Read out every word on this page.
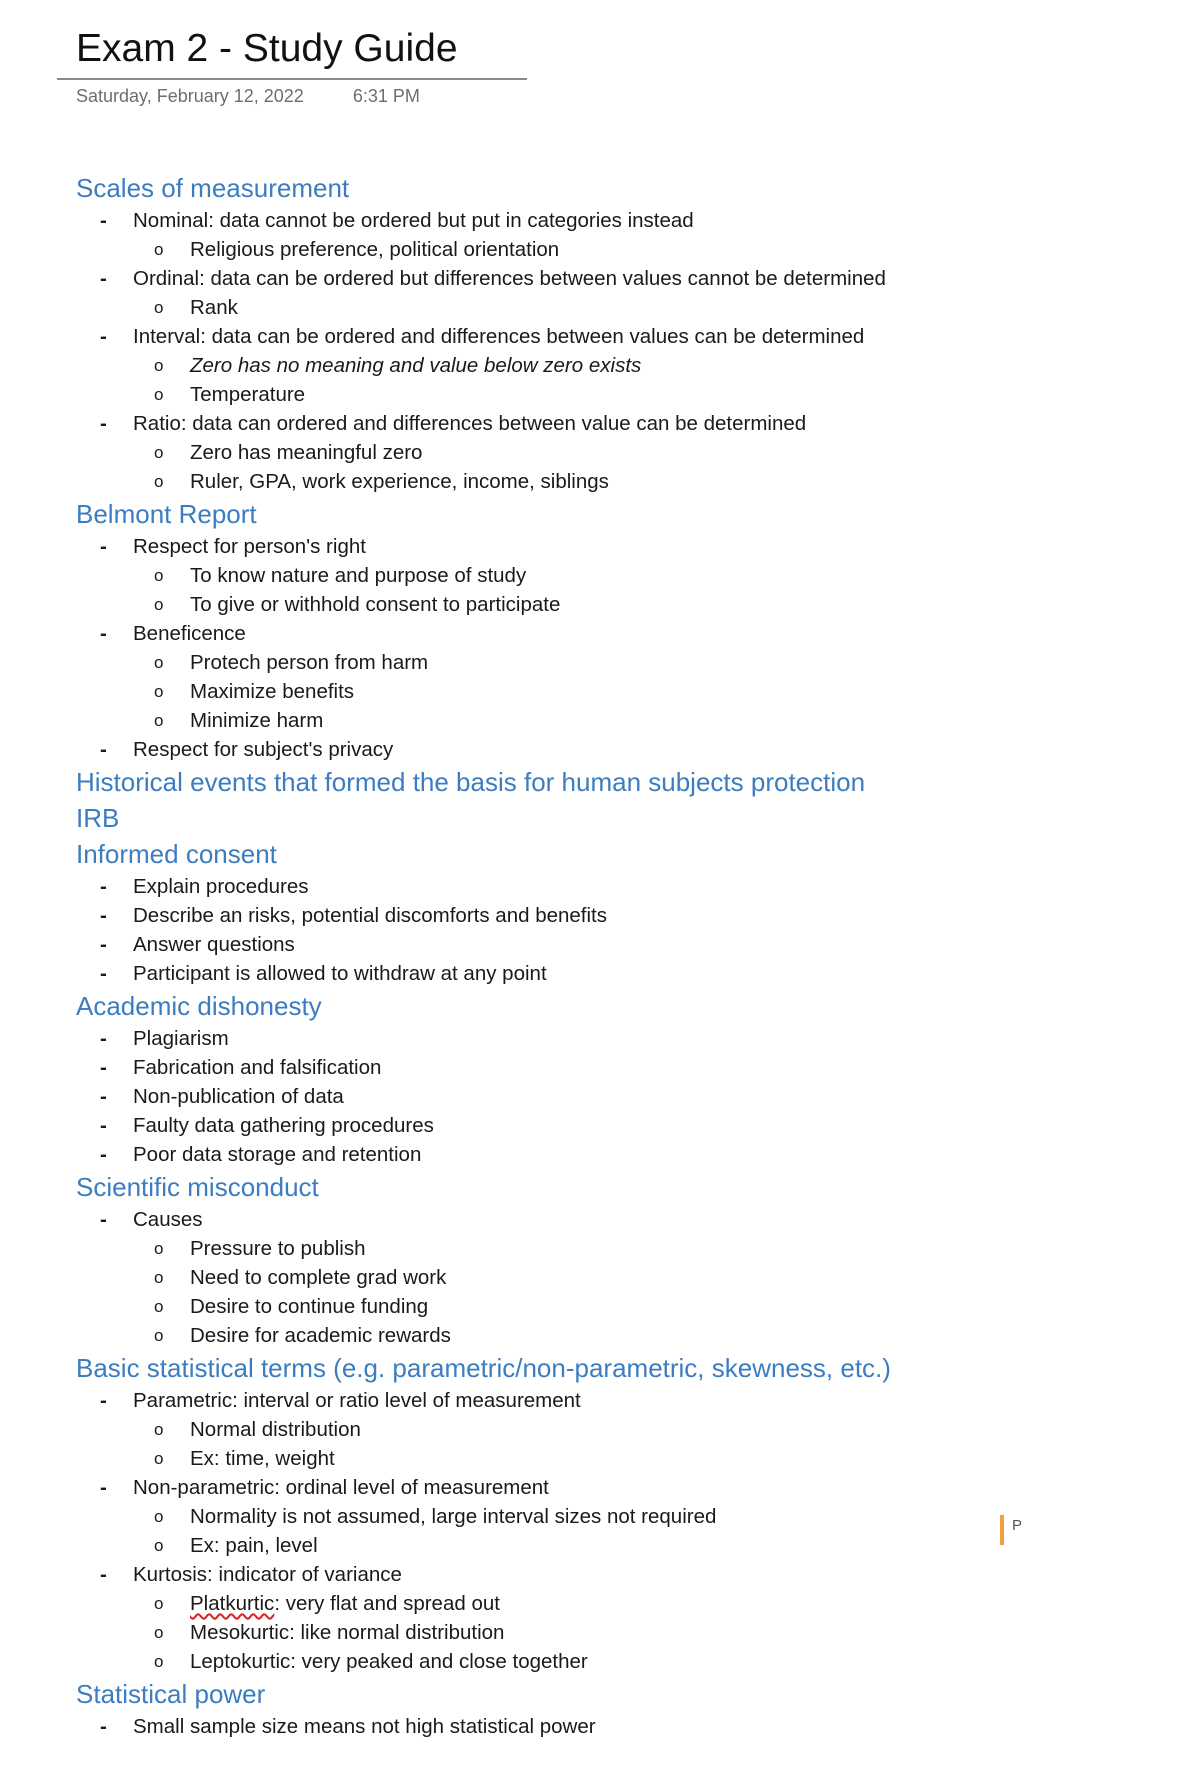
Exam 2 - Study Guide
Saturday, February 12, 2022	6:31 PM
Scales of measurement
- Nominal: data cannot be ordered but put in categories instead
o Religious preference, political orientation
- Ordinal: data can be ordered but differences between values cannot be determined
o Rank
- Interval: data can be ordered and differences between values can be determined
o Zero has no meaning and value below zero exists
o Temperature
- Ratio: data can ordered and differences between value can be determined
o Zero has meaningful zero
o Ruler, GPA, work experience, income, siblings
Belmont Report
- Respect for person's right
o To know nature and purpose of study
o To give or withhold consent to participate
- Beneficence
o Protech person from harm
o Maximize benefits
o Minimize harm
- Respect for subject's privacy
Historical events that formed the basis for human subjects protection
IRB
Informed consent
- Explain procedures
- Describe an risks, potential discomforts and benefits
- Answer questions
- Participant is allowed to withdraw at any point
Academic dishonesty
- Plagiarism
- Fabrication and falsification
- Non-publication of data
- Faulty data gathering procedures
- Poor data storage and retention
Scientific misconduct
- Causes
o Pressure to publish
o Need to complete grad work
o Desire to continue funding
o Desire for academic rewards
Basic statistical terms (e.g. parametric/non-parametric, skewness, etc.)
- Parametric: interval or ratio level of measurement
o Normal distribution
o Ex: time, weight
- Non-parametric: ordinal level of measurement
o Normality is not assumed, large interval sizes not required
o Ex: pain, level
- Kurtosis: indicator of variance
o Platkurtic: very flat and spread out
o Mesokurtic: like normal distribution
o Leptokurtic: very peaked and close together
Statistical power
- Small sample size means not high statistical power
P
